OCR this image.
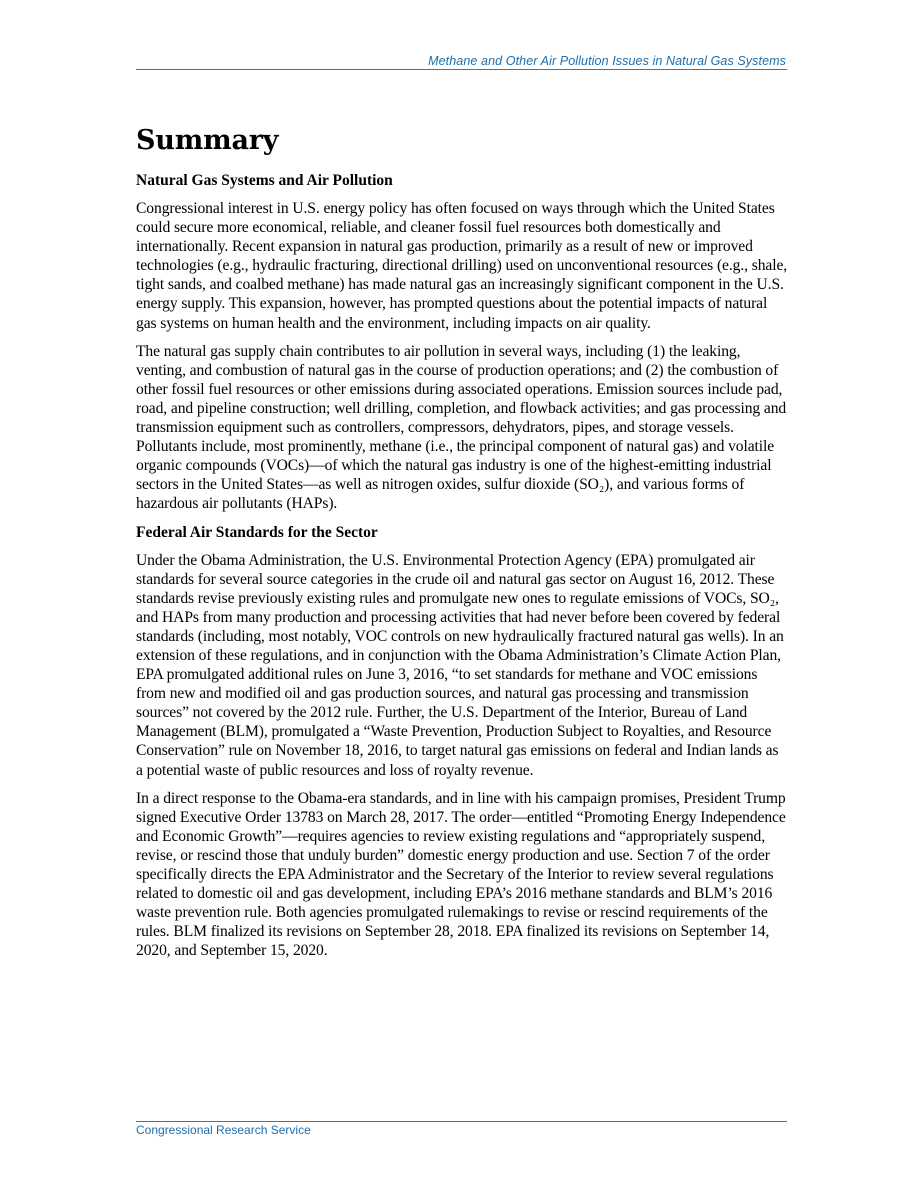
Methane and Other Air Pollution Issues in Natural Gas Systems
Summary
Natural Gas Systems and Air Pollution

Congressional interest in U.S. energy policy has often focused on ways through which the United States could secure more economical, reliable, and cleaner fossil fuel resources both domestically and internationally. Recent expansion in natural gas production, primarily as a result of new or improved technologies (e.g., hydraulic fracturing, directional drilling) used on unconventional resources (e.g., shale, tight sands, and coalbed methane) has made natural gas an increasingly significant component in the U.S. energy supply. This expansion, however, has prompted questions about the potential impacts of natural gas systems on human health and the environment, including impacts on air quality.

The natural gas supply chain contributes to air pollution in several ways, including (1) the leaking, venting, and combustion of natural gas in the course of production operations; and (2) the combustion of other fossil fuel resources or other emissions during associated operations. Emission sources include pad, road, and pipeline construction; well drilling, completion, and flowback activities; and gas processing and transmission equipment such as controllers, compressors, dehydrators, pipes, and storage vessels. Pollutants include, most prominently, methane (i.e., the principal component of natural gas) and volatile organic compounds (VOCs)—of which the natural gas industry is one of the highest-emitting industrial sectors in the United States—as well as nitrogen oxides, sulfur dioxide (SO₂), and various forms of hazardous air pollutants (HAPs).

Federal Air Standards for the Sector

Under the Obama Administration, the U.S. Environmental Protection Agency (EPA) promulgated air standards for several source categories in the crude oil and natural gas sector on August 16, 2012. These standards revise previously existing rules and promulgate new ones to regulate emissions of VOCs, SO₂, and HAPs from many production and processing activities that had never before been covered by federal standards (including, most notably, VOC controls on new hydraulically fractured natural gas wells). In an extension of these regulations, and in conjunction with the Obama Administration’s Climate Action Plan, EPA promulgated additional rules on June 3, 2016, “to set standards for methane and VOC emissions from new and modified oil and gas production sources, and natural gas processing and transmission sources” not covered by the 2012 rule. Further, the U.S. Department of the Interior, Bureau of Land Management (BLM), promulgated a “Waste Prevention, Production Subject to Royalties, and Resource Conservation” rule on November 18, 2016, to target natural gas emissions on federal and Indian lands as a potential waste of public resources and loss of royalty revenue.

In a direct response to the Obama-era standards, and in line with his campaign promises, President Trump signed Executive Order 13783 on March 28, 2017. The order—entitled “Promoting Energy Independence and Economic Growth”—requires agencies to review existing regulations and “appropriately suspend, revise, or rescind those that unduly burden” domestic energy production and use. Section 7 of the order specifically directs the EPA Administrator and the Secretary of the Interior to review several regulations related to domestic oil and gas development, including EPA’s 2016 methane standards and BLM’s 2016 waste prevention rule. Both agencies promulgated rulemakings to revise or rescind requirements of the rules. BLM finalized its revisions on September 28, 2018. EPA finalized its revisions on September 14, 2020, and September 15, 2020.

Congressional Research Service
